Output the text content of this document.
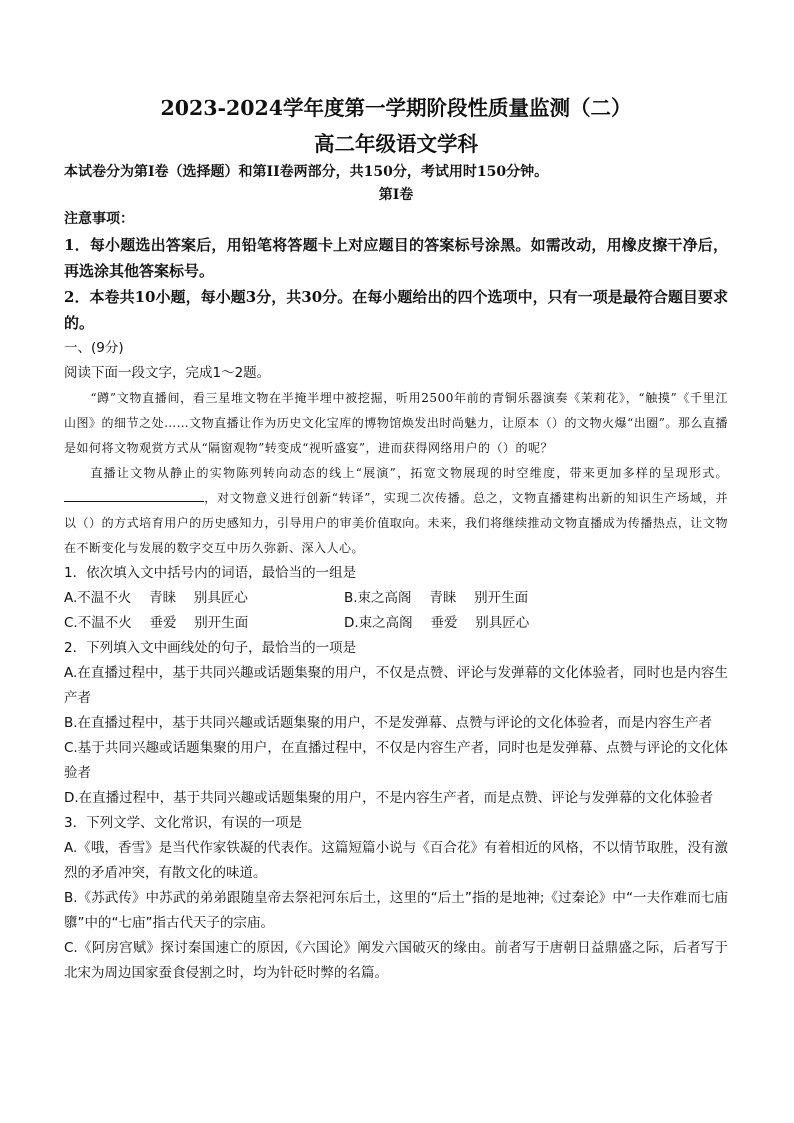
2023-2024学年度第一学期阶段性质量监测（二）
高二年级语文学科
本试卷分为第I卷（选择题）和第II卷两部分，共150分，考试用时150分钟。
第I卷
注意事项：
1．每小题选出答案后，用铅笔将答题卡上对应题目的答案标号涂黑。如需改动，用橡皮擦干净后，再选涂其他答案标号。
2．本卷共10小题，每小题3分，共30分。在每小题给出的四个选项中，只有一项是最符合题目要求的。
一、(9分)
阅读下面一段文字，完成1～2题。

“蹲”文物直播间，看三星堆文物在半掩半埋中被挖掘，听用2500年前的青铜乐器演奏《茉莉花》，“触摸”《千里江山图》的细节之处……文物直播让作为历史文化宝库的博物馆焕发出时尚魅力，让原本（）的文物火爆“出圈”。那么直播是如何将文物观赏方式从“隔窗观物”转变成“视听盛宴”，进而获得网络用户的（）的呢？

直播让文物从静止的实物陈列转向动态的线上“展演”，拓宽文物展现的时空维度，带来更加多样的呈现形式。，对文物意义进行创新“转译”，实现二次传播。总之，文物直播建构出新的知识生产场域，并以（）的方式培育用户的历史感知力，引导用户的审美价值取向。未来，我们将继续推动文物直播成为传播热点，让文物在不断变化与发展的数字交互中历久弥新、深入人心。

1．依次填入文中括号内的词语，最恰当的一组是

A.不温不火　 青睐　 别具匠心	B.束之高阁　 青睐　 别开生面
C.不温不火　 垂爱　 别开生面	D.束之高阁　 垂爱　 别具匠心

2．下列填入文中画线处的句子，最恰当的一项是

A.在直播过程中，基于共同兴趣或话题集聚的用户，不仅是点赞、评论与发弹幕的文化体验者，同时也是内容生产者

B.在直播过程中，基于共同兴趣或话题集聚的用户，不是发弹幕、点赞与评论的文化体验者，而是内容生产者

C.基于共同兴趣或话题集聚的用户，在直播过程中，不仅是内容生产者，同时也是发弹幕、点赞与评论的文化体验者

D.在直播过程中，基于共同兴趣或话题集聚的用户，不是内容生产者，而是点赞、评论与发弹幕的文化体验者

3．下列文学、文化常识，有误的一项是

A.《哦，香雪》是当代作家铁凝的代表作。这篇短篇小说与《百合花》有着相近的风格，不以情节取胜，没有激烈的矛盾冲突，有散文化的味道。

B.《苏武传》中苏武的弟弟跟随皇帝去祭祀河东后土，这里的“后土”指的是地神;《过秦论》中“一夫作难而七庙隳”中的“七庙”指古代天子的宗庙。

C.《阿房宫赋》探讨秦国速亡的原因,《六国论》阐发六国破灭的缘由。前者写于唐朝日益鼎盛之际，后者写于北宋为周边国家蚕食侵割之时，均为针砭时弊的名篇。
